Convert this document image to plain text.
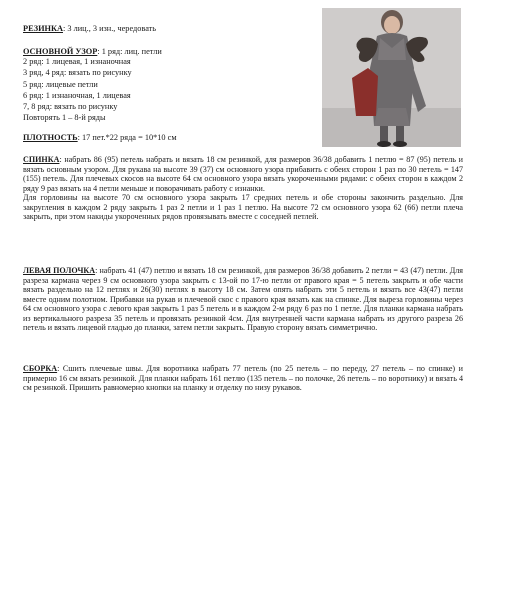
РЕЗИНКА: 3 лиц., 3 изн., чередовать
ОСНОВНОЙ УЗОР: 1 ряд: лиц. петли
2 ряд: 1 лицевая, 1 изнаночная
3 ряд, 4 ряд: вязать по рисунку
5 ряд: лицевые петли
6 ряд: 1 изнаночная, 1 лицевая
7, 8 ряд: вязать по рисунку
Повторять 1 – 8-й ряды
ПЛОТНОСТЬ: 17 пет.*22 ряда = 10*10 см
СПИНКА: набрать 86 (95) петель набрать и вязать 18 см резинкой, для размеров 36/38 добавить 1 петлю = 87 (95) петель и вязать основным узором. Для рукава на высоте 39 (37) см основного узора прибавить с обеих сторон 1 раз по 30 петель = 147 (155) петель. Для плечевых скосов на высоте 64 см основного узора вязать укороченными рядами: с обеих сторон в каждом 2 ряду 9 раз вязать на 4 петли меньше и поворачивать работу с изнанки.
Для горловины на высоте 70 см основного узора закрыть 17 средних петель и обе стороны закончить раздельно. Для закругления в каждом 2 ряду закрыть 1 раз 2 петли и 1 раз 1 петлю. На высоте 72 см основного узора 62 (66) петли плеча закрыть, при этом накиды укороченных рядов провязывать вместе с соседней петлей.
ЛЕВАЯ ПОЛОЧКА: набрать 41 (47) петлю и вязать 18 см резинкой, для размеров 36/38 добавить 2 петли = 43 (47) петли. Для разреза кармана через 9 см основного узора закрыть с 13-ой по 17-ю петли от правого края = 5 петель закрыть и обе части вязать раздельно на 12 петлях и 26(30) петлях в высоту 18 см. Затем опять набрать эти 5 петель и вязать все 43(47) петли вместе одним полотном. Прибавки на рукав и плечевой скос с правого края вязать как на спинке. Для выреза горловины через 64 см основного узора с левого края закрыть 1 раз 5 петель и в каждом 2-м ряду 6 раз по 1 петле. Для планки кармана набрать из вертикального разреза 35 петель и провязать резинкой 4см. Для внутренней части кармана набрать из другого разреза 26 петель и вязать лицевой гладью до планки, затем петли закрыть. Правую сторону вязать симметрично.
СБОРКА: Сшить плечевые швы. Для воротника набрать 77 петель (по 25 петель – по переду, 27 петель – по спинке) и примерно 16 см вязать резинкой. Для планки набрать 161 петлю (135 петель – по полочке, 26 петель – по воротнику) и вязать 4 см резинкой. Пришить равномерно кнопки на планку и отделку по низу рукавов.
